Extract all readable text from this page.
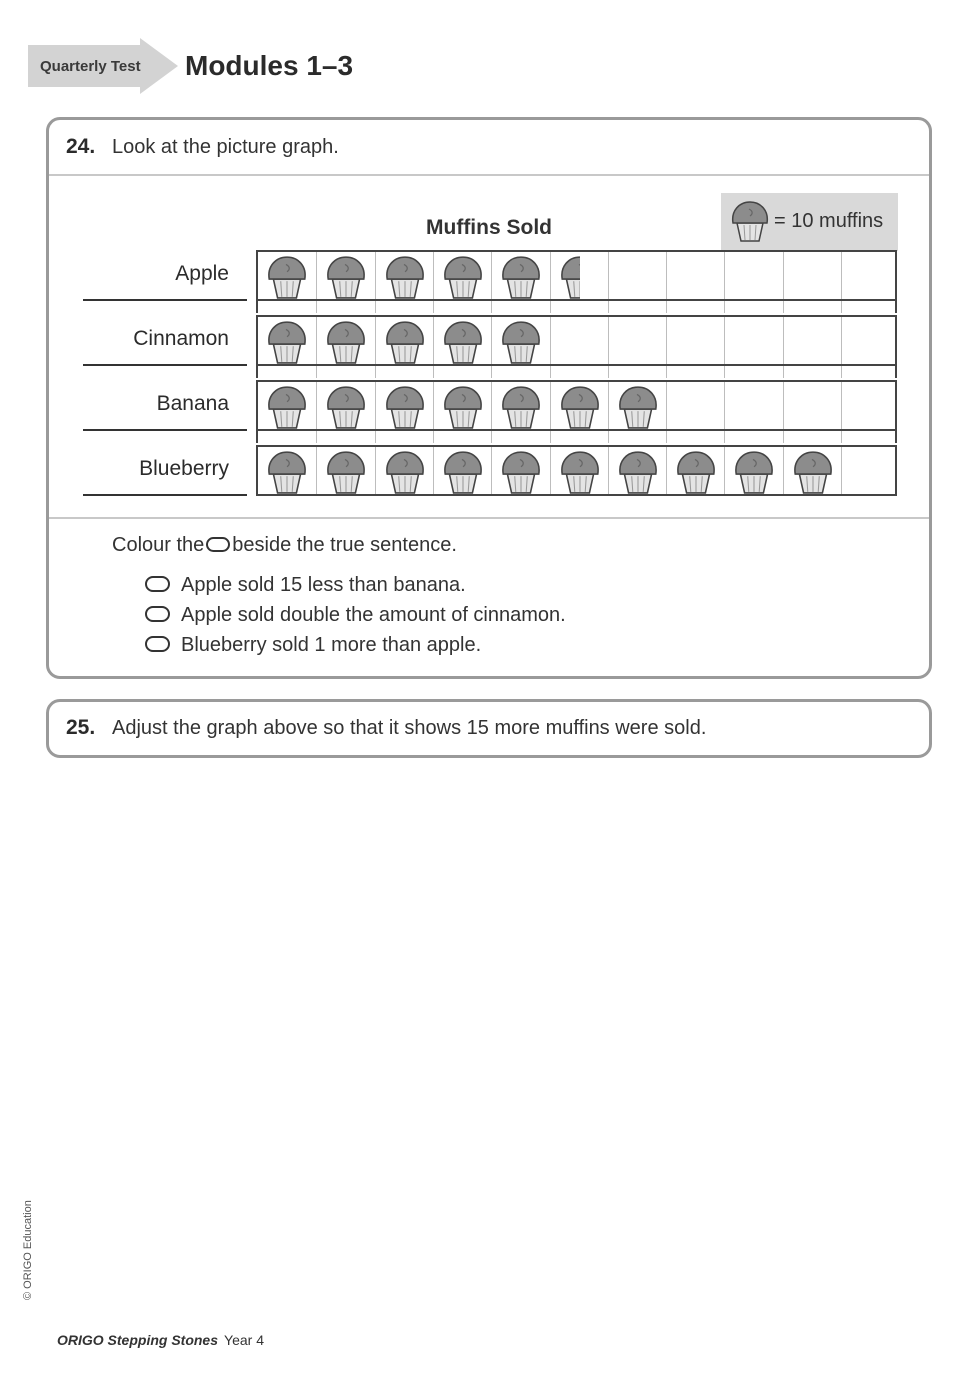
Quarterly Test Modules 1–3
24. Look at the picture graph.
Muffins Sold	= 10 muffins
Apple
Cinnamon
Banana
Blueberry
Colour the beside the true sentence.
Apple sold 15 less than banana.
Apple sold double the amount of cinnamon.
Blueberry sold 1 more than apple.
25. Adjust the graph above so that it shows 15 more muffins were sold.
© ORIGO Education
ORIGO Stepping Stones Year 4
